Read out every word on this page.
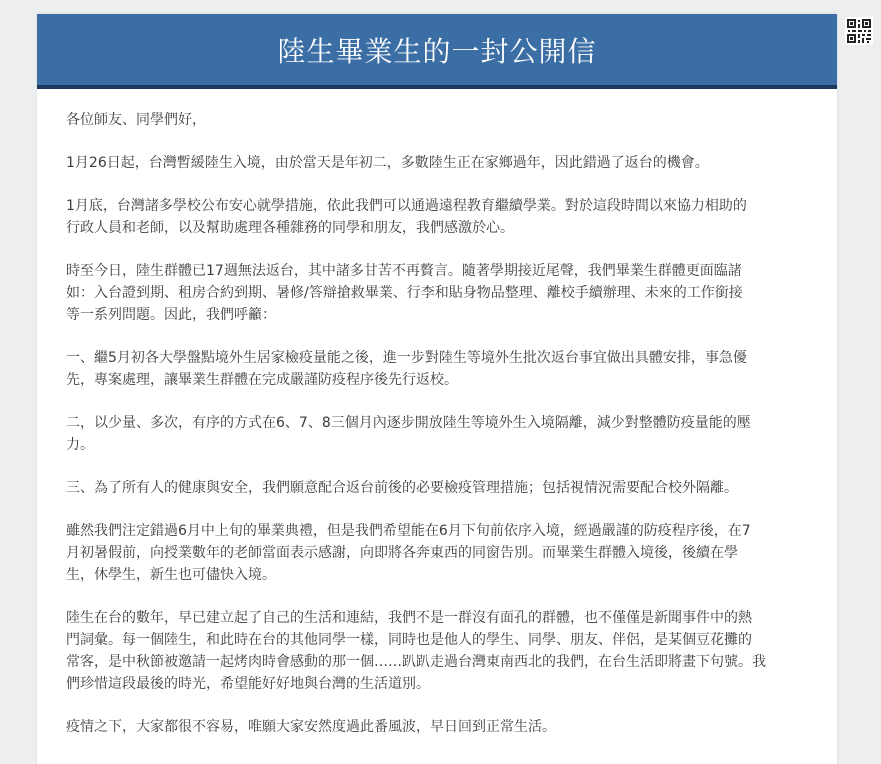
陸生畢業生的一封公開信

各位師友、同學們好，

1月26日起，台灣暫緩陸生入境，由於當天是年初二，多數陸生正在家鄉過年，因此錯過了返台的機會。

1月底，台灣諸多學校公布安心就學措施，依此我們可以通過遠程教育繼續學業。對於這段時間以來協力相助的
行政人員和老師，以及幫助處理各種雜務的同學和朋友，我們感激於心。

時至今日，陸生群體已17週無法返台，其中諸多甘苦不再贅言。隨著學期接近尾聲，我們畢業生群體更面臨諸
如：入台證到期、租房合約到期、暑修/答辯搶救畢業、行李和貼身物品整理、離校手續辦理、未來的工作銜接
等一系列問題。因此，我們呼籲：

一、繼5月初各大學盤點境外生居家檢疫量能之後，進一步對陸生等境外生批次返台事宜做出具體安排，事急優
先，專案處理，讓畢業生群體在完成嚴謹防疫程序後先行返校。

二，以少量、多次，有序的方式在6、7、8三個月內逐步開放陸生等境外生入境隔離，減少對整體防疫量能的壓
力。

三、為了所有人的健康與安全，我們願意配合返台前後的必要檢疫管理措施；包括視情況需要配合校外隔離。

雖然我們注定錯過6月中上旬的畢業典禮，但是我們希望能在6月下旬前依序入境，經過嚴謹的防疫程序後，在7
月初暑假前，向授業數年的老師當面表示感謝，向即將各奔東西的同窗告別。而畢業生群體入境後，後續在學
生，休學生，新生也可儘快入境。

陸生在台的數年，早已建立起了自己的生活和連結，我們不是一群沒有面孔的群體，也不僅僅是新聞事件中的熱
門詞彙。每一個陸生，和此時在台的其他同學一樣，同時也是他人的學生、同學、朋友、伴侶，是某個豆花攤的
常客，是中秋節被邀請一起烤肉時會感動的那一個……趴趴走過台灣東南西北的我們，在台生活即將畫下句號。我
們珍惜這段最後的時光，希望能好好地與台灣的生活道別。

疫情之下，大家都很不容易，唯願大家安然度過此番風波，早日回到正常生活。
